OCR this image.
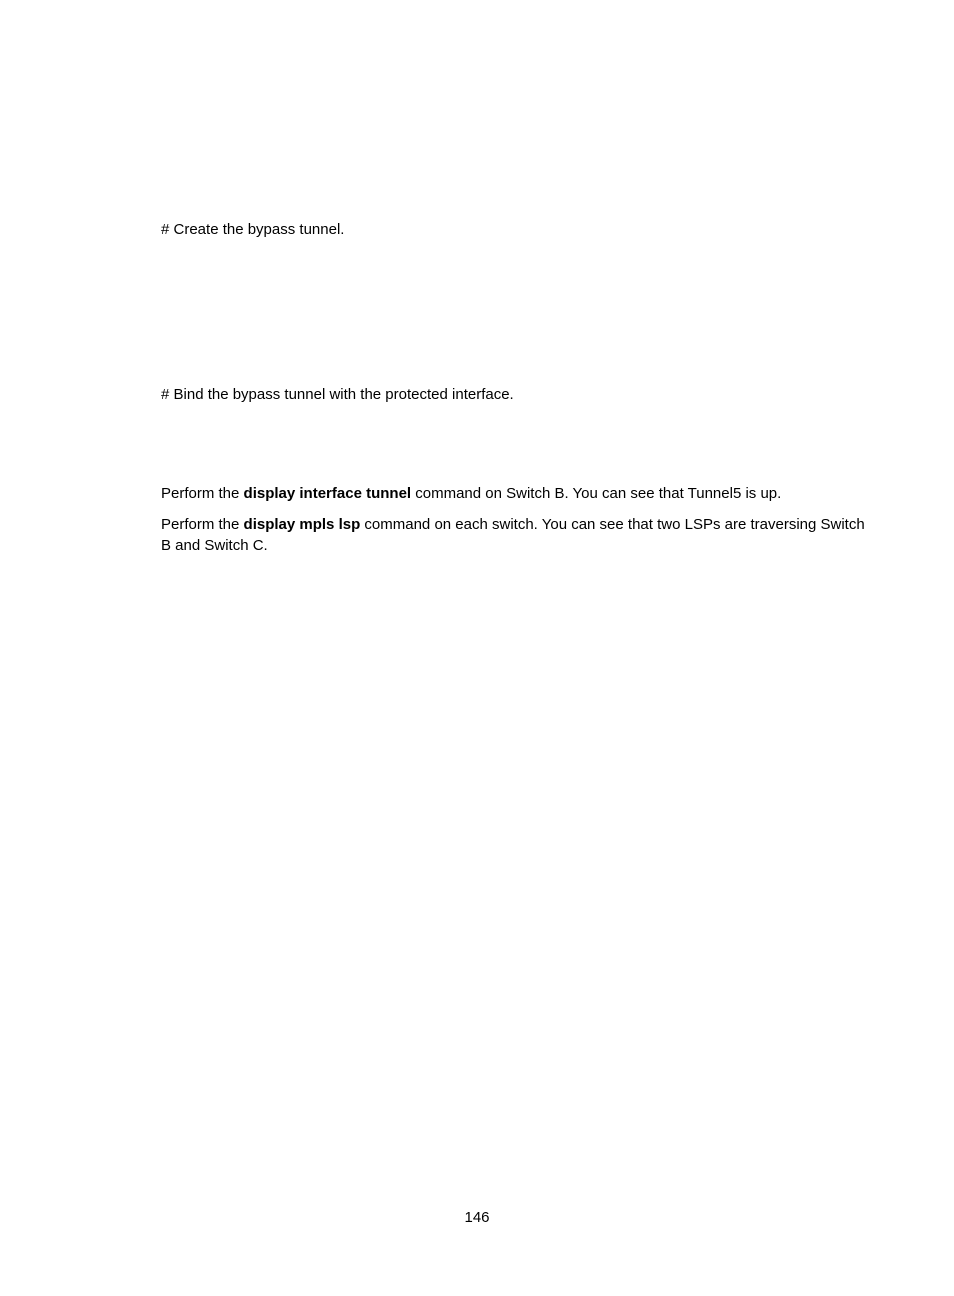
# Create the bypass tunnel.
# Bind the bypass tunnel with the protected interface.
Perform the display interface tunnel command on Switch B. You can see that Tunnel5 is up.
Perform the display mpls lsp command on each switch. You can see that two LSPs are traversing Switch B and Switch C.
146
